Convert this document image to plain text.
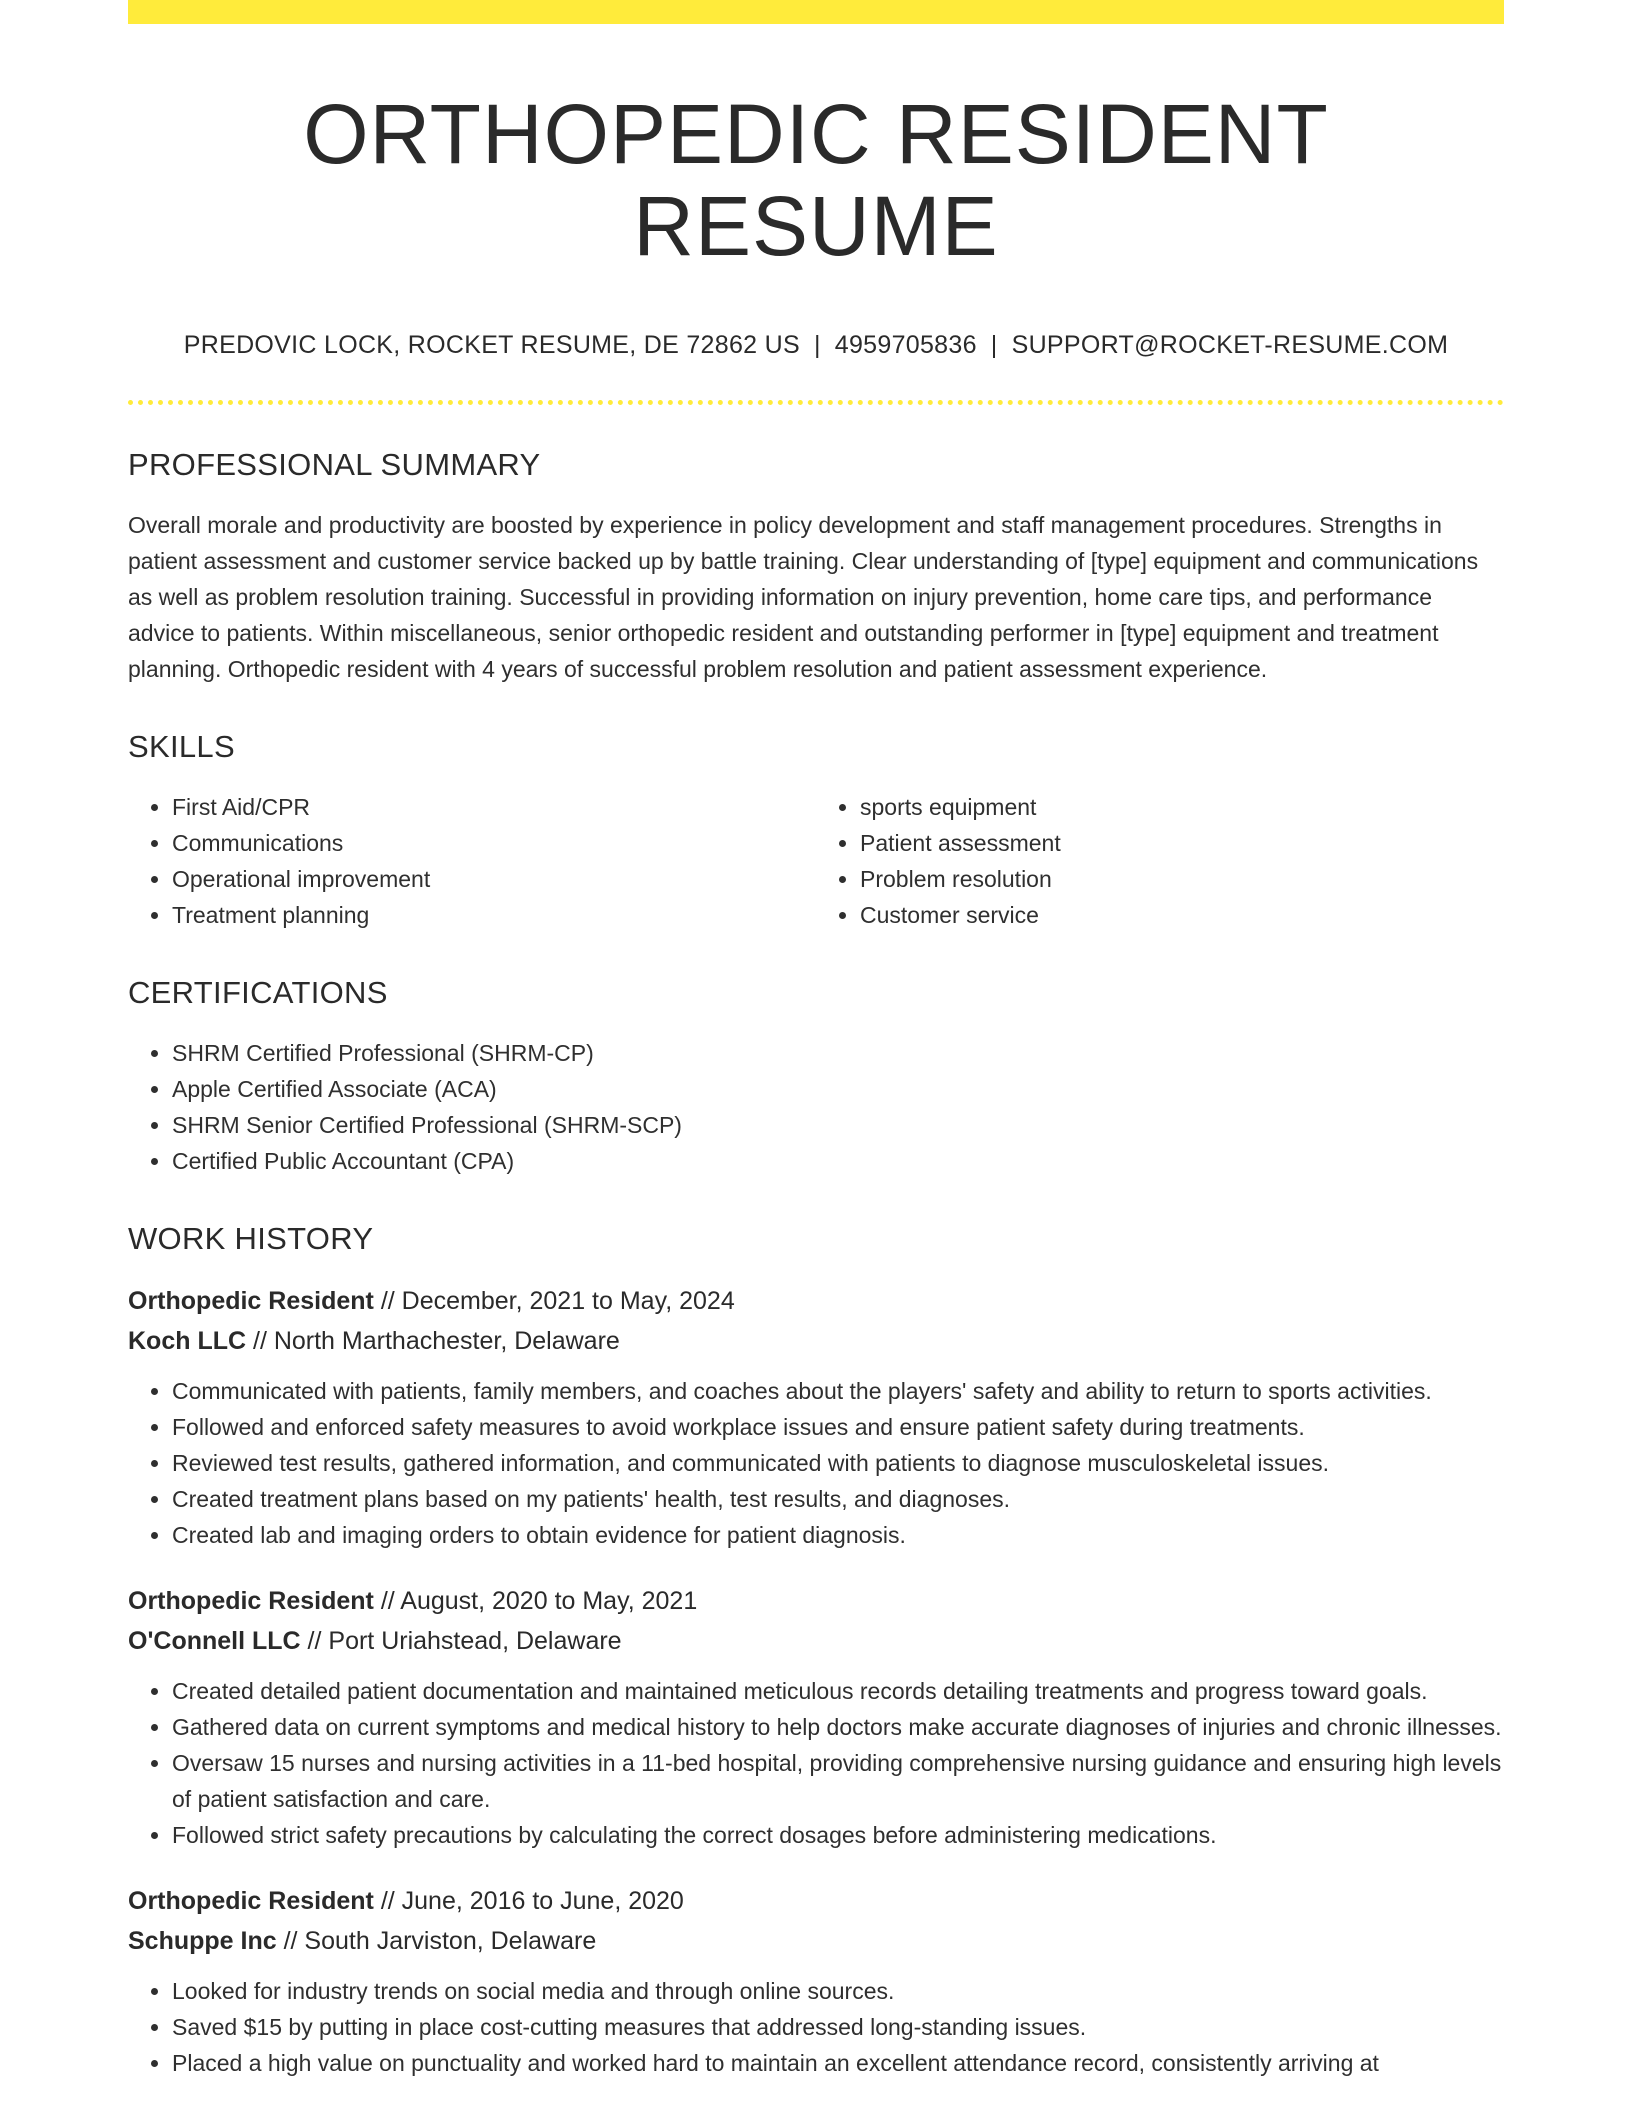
ORTHOPEDIC RESIDENT RESUME
PREDOVIC LOCK, ROCKET RESUME, DE 72862 US | 4959705836 | SUPPORT@ROCKET-RESUME.COM
PROFESSIONAL SUMMARY

Overall morale and productivity are boosted by experience in policy development and staff management procedures. Strengths in patient assessment and customer service backed up by battle training. Clear understanding of [type] equipment and communications as well as problem resolution training. Successful in providing information on injury prevention, home care tips, and performance advice to patients. Within miscellaneous, senior orthopedic resident and outstanding performer in [type] equipment and treatment planning. Orthopedic resident with 4 years of successful problem resolution and patient assessment experience.

SKILLS
• First Aid/CPR
• Communications
• Operational improvement
• Treatment planning
• sports equipment
• Patient assessment
• Problem resolution
• Customer service
CERTIFICATIONS
• SHRM Certified Professional (SHRM-CP)
• Apple Certified Associate (ACA)
• SHRM Senior Certified Professional (SHRM-SCP)
• Certified Public Accountant (CPA)
WORK HISTORY
Orthopedic Resident // December, 2021 to May, 2024
Koch LLC // North Marthachester, Delaware
• Communicated with patients, family members, and coaches about the players' safety and ability to return to sports activities.
• Followed and enforced safety measures to avoid workplace issues and ensure patient safety during treatments.
• Reviewed test results, gathered information, and communicated with patients to diagnose musculoskeletal issues.
• Created treatment plans based on my patients' health, test results, and diagnoses.
• Created lab and imaging orders to obtain evidence for patient diagnosis.
Orthopedic Resident // August, 2020 to May, 2021
O'Connell LLC // Port Uriahstead, Delaware
• Created detailed patient documentation and maintained meticulous records detailing treatments and progress toward goals.
• Gathered data on current symptoms and medical history to help doctors make accurate diagnoses of injuries and chronic illnesses.
• Oversaw 15 nurses and nursing activities in a 11-bed hospital, providing comprehensive nursing guidance and ensuring high levels of patient satisfaction and care.
• Followed strict safety precautions by calculating the correct dosages before administering medications.
Orthopedic Resident // June, 2016 to June, 2020
Schuppe Inc // South Jarviston, Delaware
• Looked for industry trends on social media and through online sources.
• Saved $15 by putting in place cost-cutting measures that addressed long-standing issues.
• Placed a high value on punctuality and worked hard to maintain an excellent attendance record, consistently arriving at
